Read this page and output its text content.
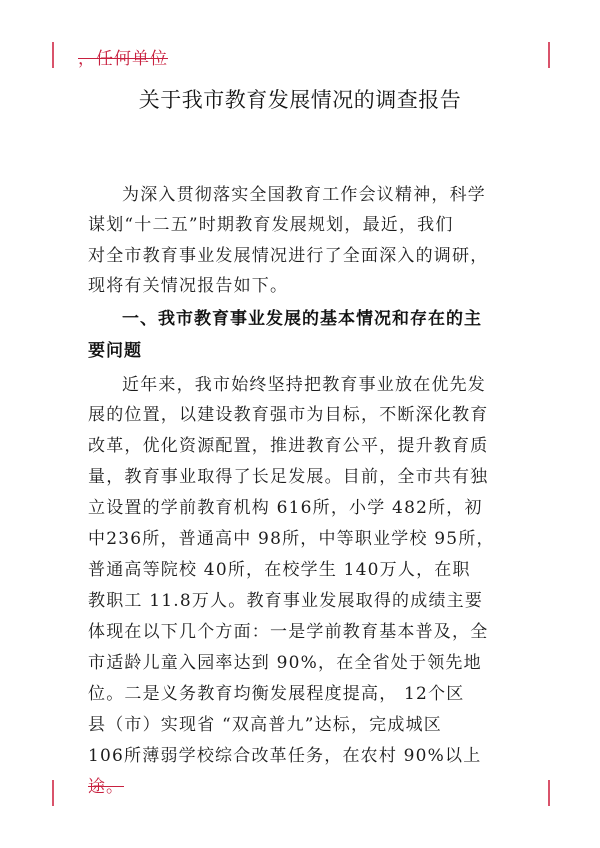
，任何单位
关于我市教育发展情况的调查报告
为深入贯彻落实全国教育工作会议精神，科学
谋划“十二五”时期教育发展规划，最近，我们
对全市教育事业发展情况进行了全面深入的调研，
现将有关情况报告如下。
一、我市教育事业发展的基本情况和存在的主
要问题
近年来，我市始终坚持把教育事业放在优先发
展的位置，以建设教育强市为目标，不断深化教育
改革，优化资源配置，推进教育公平，提升教育质
量，教育事业取得了长足发展。目前，全市共有独
立设置的学前教育机构 616所，小学 482所，初
中236所，普通高中 98所，中等职业学校 95所，
普通高等院校 40所，在校学生 140万人，在职
教职工 11.8万人。教育事业发展取得的成绩主要
体现在以下几个方面：一是学前教育基本普及，全
市适龄儿童入园率达到 90%，在全省处于领先地
位。二是义务教育均衡发展程度提高， 12个区
县（市）实现省 “双高普九”达标，完成城区
106所薄弱学校综合改革任务，在农村 90%以上
途。
